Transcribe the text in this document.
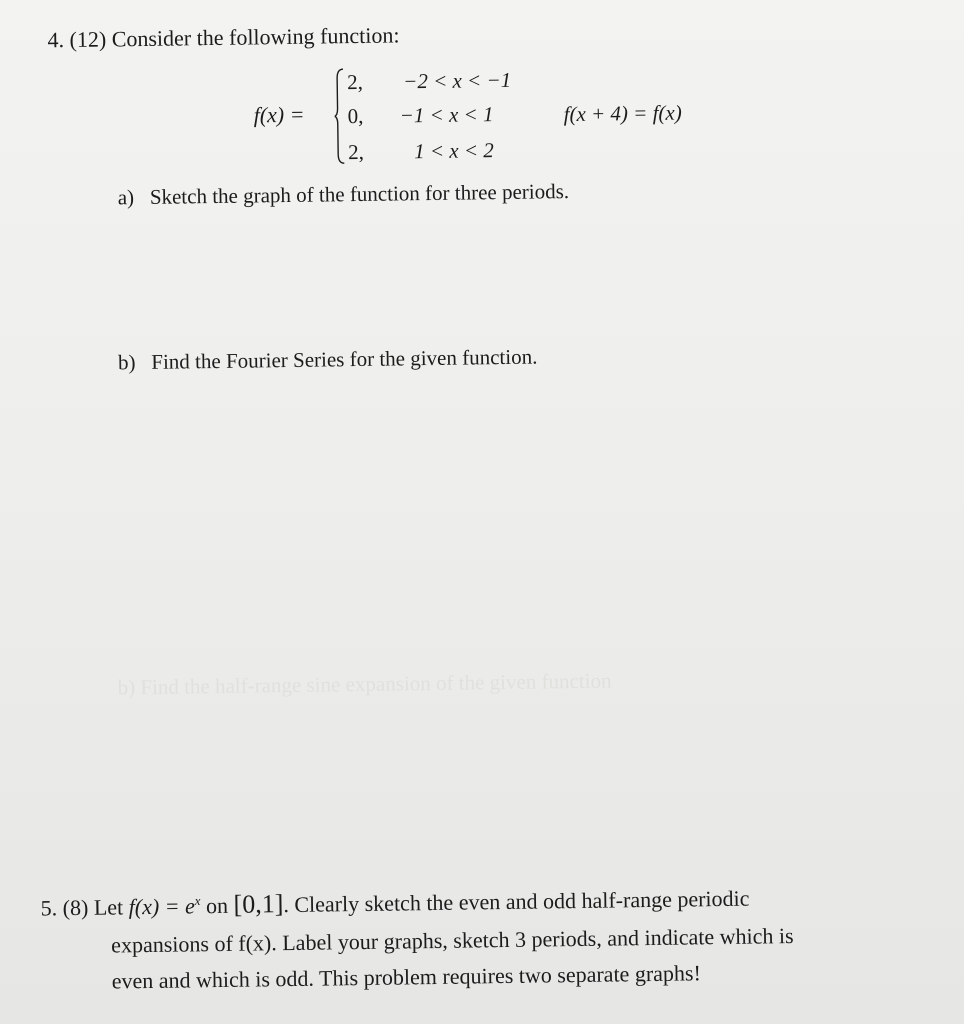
4. (12) Consider the following function:
f(x) =
2, −2 < x < −1
0, −1 < x < 1
2, 1 < x < 2
f(x + 4) = f(x)
a) Sketch the graph of the function for three periods.
b) Find the Fourier Series for the given function.
b) Find the half-range sine expansion of the given function
5. (8) Let $f(x) = e^x$ on [0,1]. Clearly sketch the even and odd half-range periodic
expansions of f(x). Label your graphs, sketch 3 periods, and indicate which is
even and which is odd. This problem requires two separate graphs!
